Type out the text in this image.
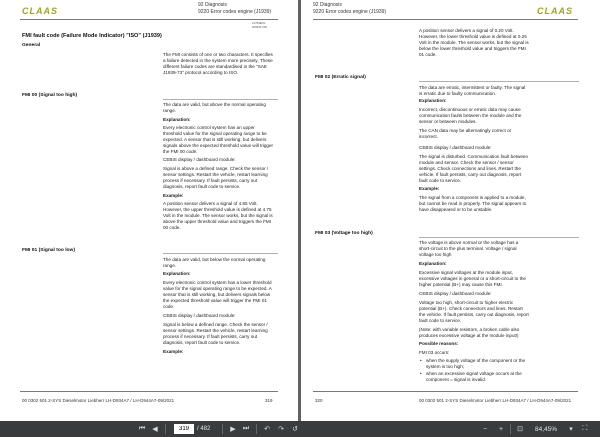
CLAAS
92 Diagnosis
9220 Error codes engine (J1939)
21784ENV
20060F 002
FMI fault code (Failure Mode Indicator) "ISO" (J1939)
General
The FMI consists of one or two characters. It specifies
a failure detected in the system more precisely. These
different failure codes are standardised in the "SAE
J1939-73" protocol according to ISO.
FMI 00 (Signal too high)
The data are valid, but above the normal operating
range.
Explanation:
Every electronic control system has an upper
threshold value for the signal operating range to be
expected. A sensor that is still working, but delivers
signals above the expected threshold value will trigger
the FMI 00 code.
CEBIS display / dashboard module:
Signal is above a defined range. Check the sensor /
sensor settings. Restart the vehicle, restart learning
process if necessary. If fault persists, carry out
diagnosis, report fault code to service.
Example:
A position sensor delivers a signal of 4.85 Volt.
However, the upper threshold value is defined at 4.75
Volt in the module. The sensor works, but the signal is
above the upper threshold value and triggers the FMI
00 code.
FMI 01 (Signal too low)
The data are valid, but below the normal operating
range.
Explanation:
Every electronic control system has a lower threshold
value for the signal operating range to be expected. A
sensor that is still working, but delivers signals below
the expected threshold value will trigger the FMI 01
code.
CEBIS display / dashboard module:
Signal is below a defined range. Check the sensor /
sensor settings. Restart the vehicle, restart learning
process if necessary. If fault persists, carry out
diagnosis, report fault code to service.
Example:
00 0302 501 2-SYS Dieselmotor Liebherr LH-D934A7 / LH-D944A7-09/2021	319
92 Diagnosis
9220 Error codes engine (J1939)	CLAAS
A position sensor delivers a signal of 0.20 Volt.
However, the lower threshold value is defined at 0.25
Volt in the module. The sensor works, but the signal is
below the lower threshold value and triggers the FMI
01 code.
FMI 02 (Erratic signal)
The data are erratic, intermittent or faulty. The signal
is erratic due to faulty communication.
Explanation:
Incorrect, discontinuous or erratic data may cause
communication faults between the module and the
sensor or between modules.
The CAN data may be alternatingly correct or
incorrect.
CEBIS display / dashboard module:
The signal is disturbed. Communication fault between
module and sensor. Check the sensor / sensor
settings. Check connections and lines. Restart the
vehicle. If fault persists, carry out diagnosis, report
fault code to service.
Example:
The signal from a component is applied to a module,
but cannot be read in properly. The signal appears to
have disappeared or to be unstable.
FMI 03 (Voltage too high)
The voltage is above normal or the voltage has a
short-circuit to the plus terminal. Voltage / signal
voltage too high
Explanation:
Excessive signal voltages at the module input,
excessive voltages in general or a short-circuit to the
higher potential (B+) may cause this FMI.
CEBIS display / dashboard module:
Voltage too high, short-circuit to higher electric
potential (B+). Check connectors and lines. Restart
the vehicle. If fault persists, carry out diagnosis, report
fault code to service.
(Note: with variable resistors, a broken cable also
produces excessive voltage at the module input!)
Possible reasons:
FMI 03 occurs:
• when the supply voltage of the component or the
system is too high;
• when an excessive signal voltage occurs at the
component = signal is invalid.
320	00 0302 501 2-SYS Dieselmotor Liebherr LH-D934A7 / LH-D944A7-09/2021
⏮	◀
319	/ 482	▶	⏭ ↶ ↷ ↺	−	+	⊡	84,45%	▾	⛶
